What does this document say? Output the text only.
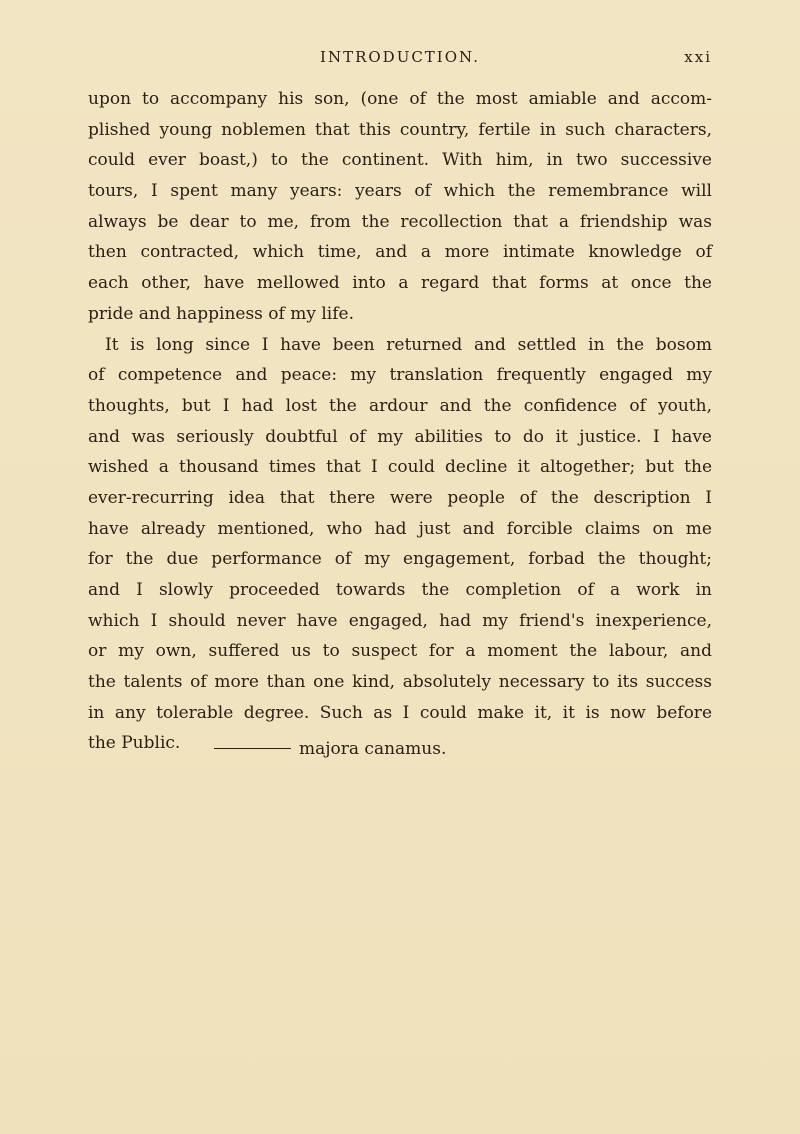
INTRODUCTION.	xxi
upon to accompany his son, (one of the most amiable and accom-
plished young noblemen that this country, fertile in such characters,
could ever boast,) to the continent. With him, in two successive
tours, I spent many years: years of which the remembrance will
always be dear to me, from the recollection that a friendship was
then contracted, which time, and a more intimate knowledge of
each other, have mellowed into a regard that forms at once the
pride and happiness of my life.
It is long since I have been returned and settled in the bosom
of competence and peace: my translation frequently engaged my
thoughts, but I had lost the ardour and the confidence of youth,
and was seriously doubtful of my abilities to do it justice. I have
wished a thousand times that I could decline it altogether; but the
ever-recurring idea that there were people of the description I
have already mentioned, who had just and forcible claims on me
for the due performance of my engagement, forbad the thought;
and I slowly proceeded towards the completion of a work in
which I should never have engaged, had my friend's inexperience,
or my own, suffered us to suspect for a moment the labour, and
the talents of more than one kind, absolutely necessary to its success
in any tolerable degree. Such as I could make it, it is now before
the Public.	majora canamus.
